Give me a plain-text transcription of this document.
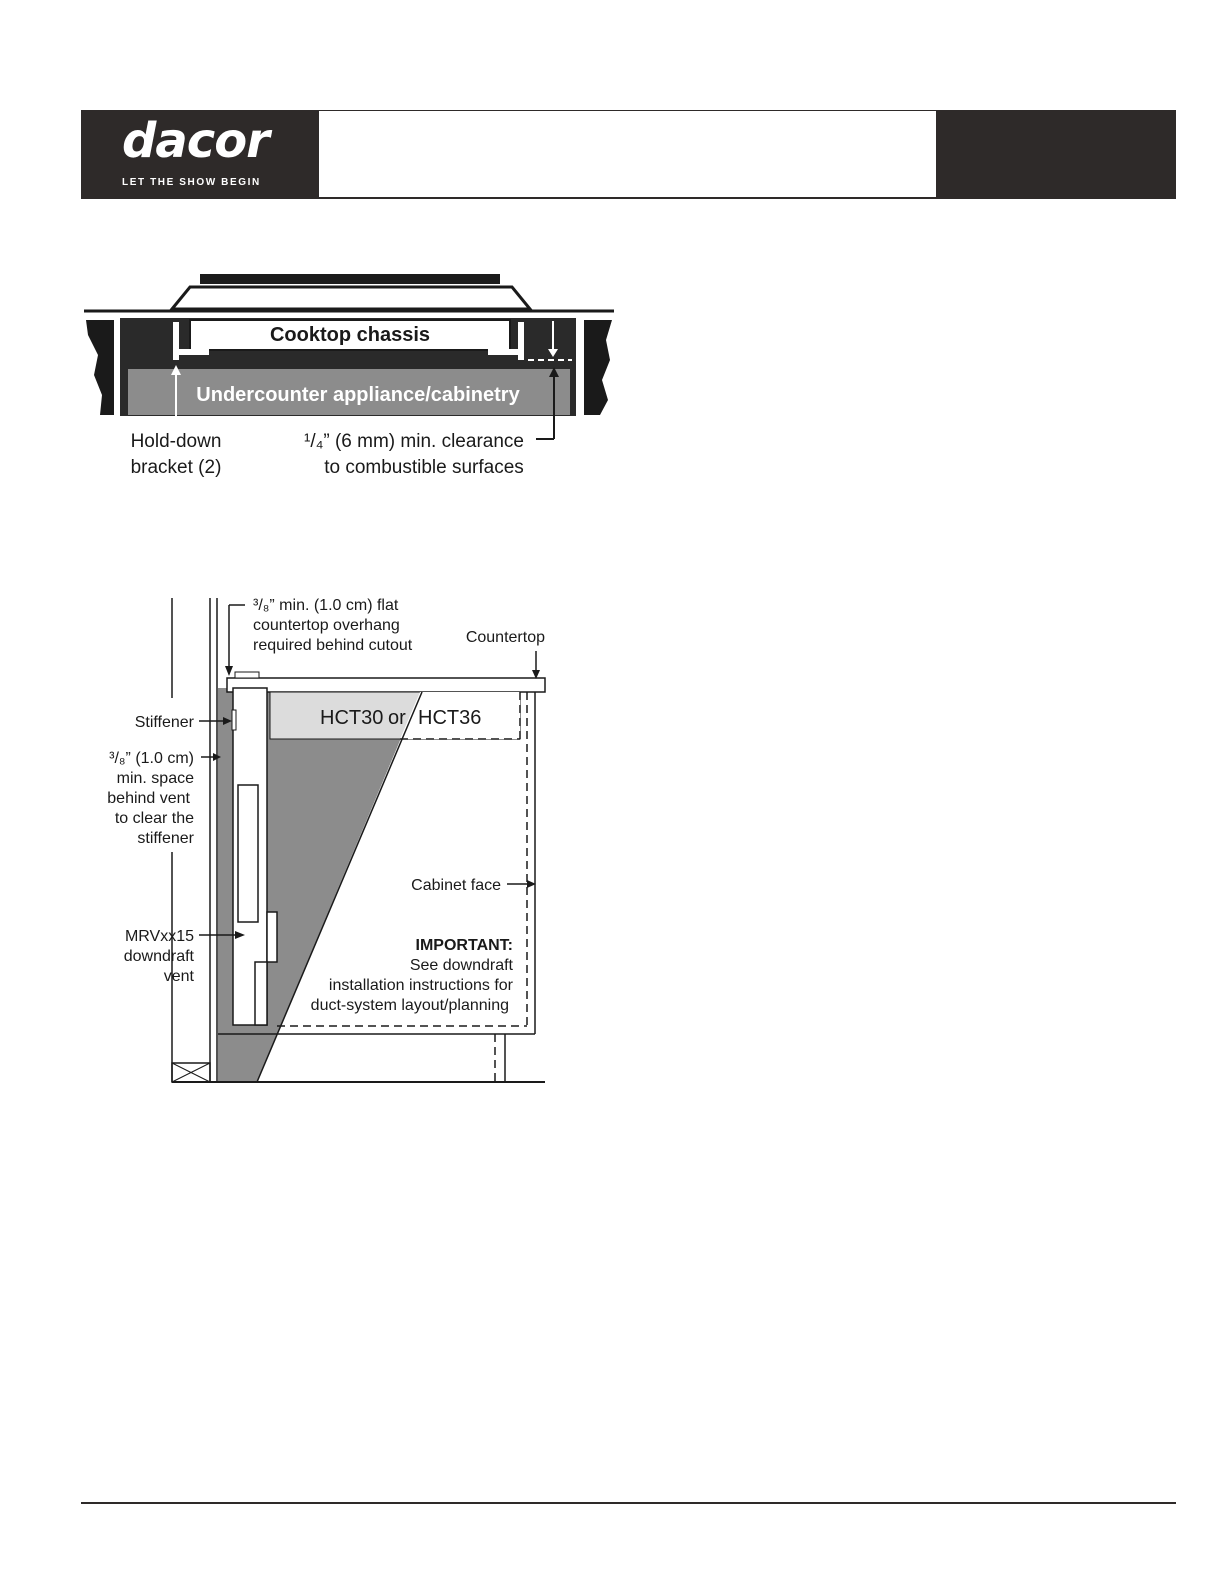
dacor
LET THE SHOW BEGIN
Cooktop chassis
Undercounter appliance/cabinetry
Hold-down
bracket (2)
¹/₄” (6 mm) min. clearance
to combustible surfaces
³/₈” min. (1.0 cm) flat
countertop overhang
required behind cutout	Countertop
Stiffener
³/₈” (1.0 cm)
min. space
behind vent
to clear the
stiffener
MRVxx15
downdraft
vent
HCT30 or HCT36
Cabinet face
IMPORTANT:
See downdraft
installation instructions for
duct-system layout/planning
